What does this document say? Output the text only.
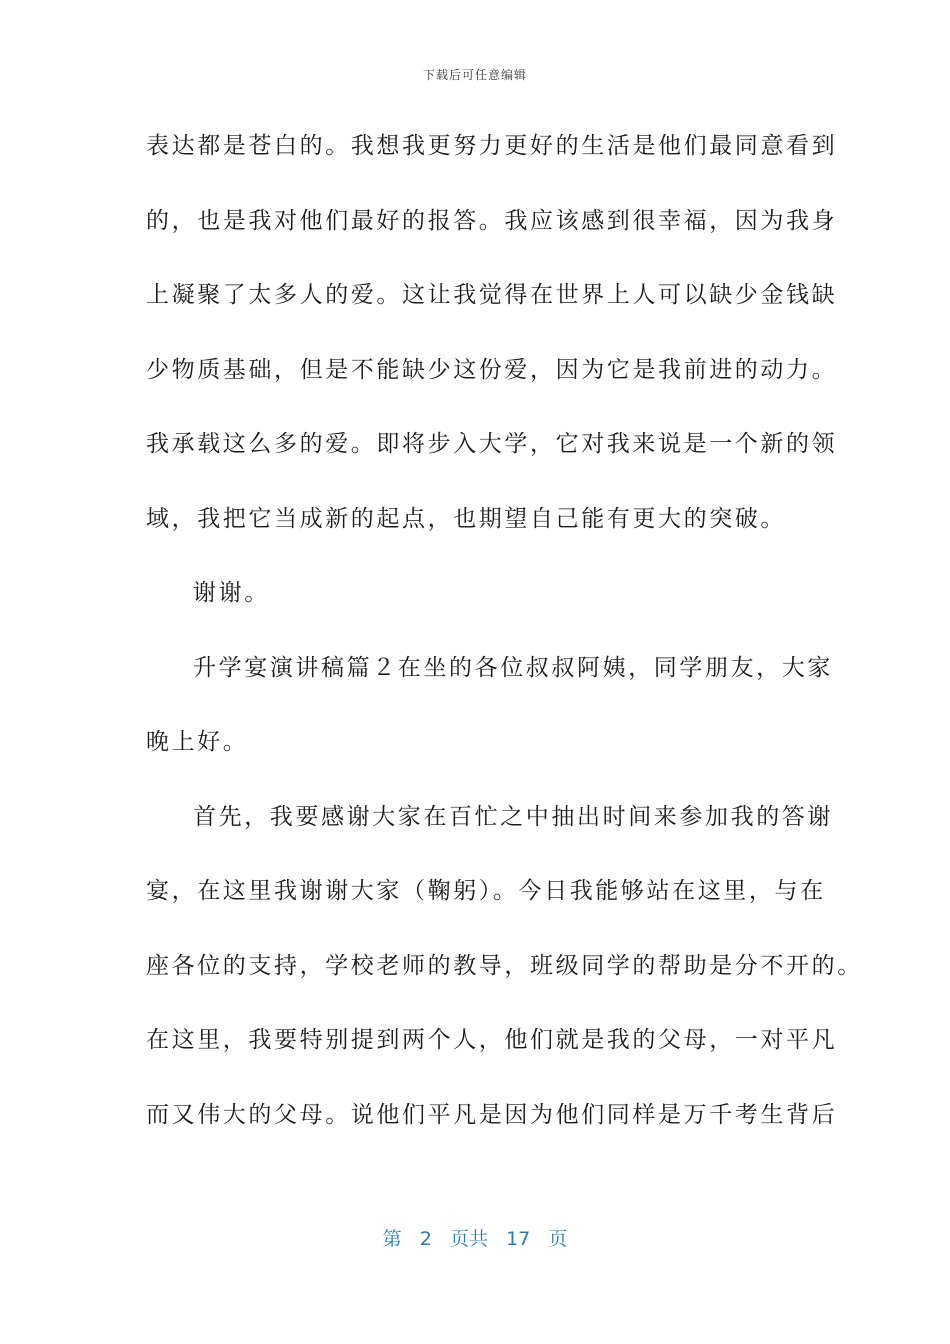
下载后可任意编辑
表达都是苍白的。我想我更努力更好的生活是他们最同意看到
的，也是我对他们最好的报答。我应该感到很幸福，因为我身
上凝聚了太多人的爱。这让我觉得在世界上人可以缺少金钱缺
少物质基础，但是不能缺少这份爱，因为它是我前进的动力。
我承载这么多的爱。即将步入大学，它对我来说是一个新的领
域，我把它当成新的起点，也期望自己能有更大的突破。
谢谢。
升学宴演讲稿篇２在坐的各位叔叔阿姨，同学朋友，大家
晚上好。
首先，我要感谢大家在百忙之中抽出时间来参加我的答谢
宴，在这里我谢谢大家（鞠躬）。今日我能够站在这里，与在
座各位的支持，学校老师的教导，班级同学的帮助是分不开的。
在这里，我要特别提到两个人，他们就是我的父母，一对平凡
而又伟大的父母。说他们平凡是因为他们同样是万千考生背后
第 2 页共 17 页
